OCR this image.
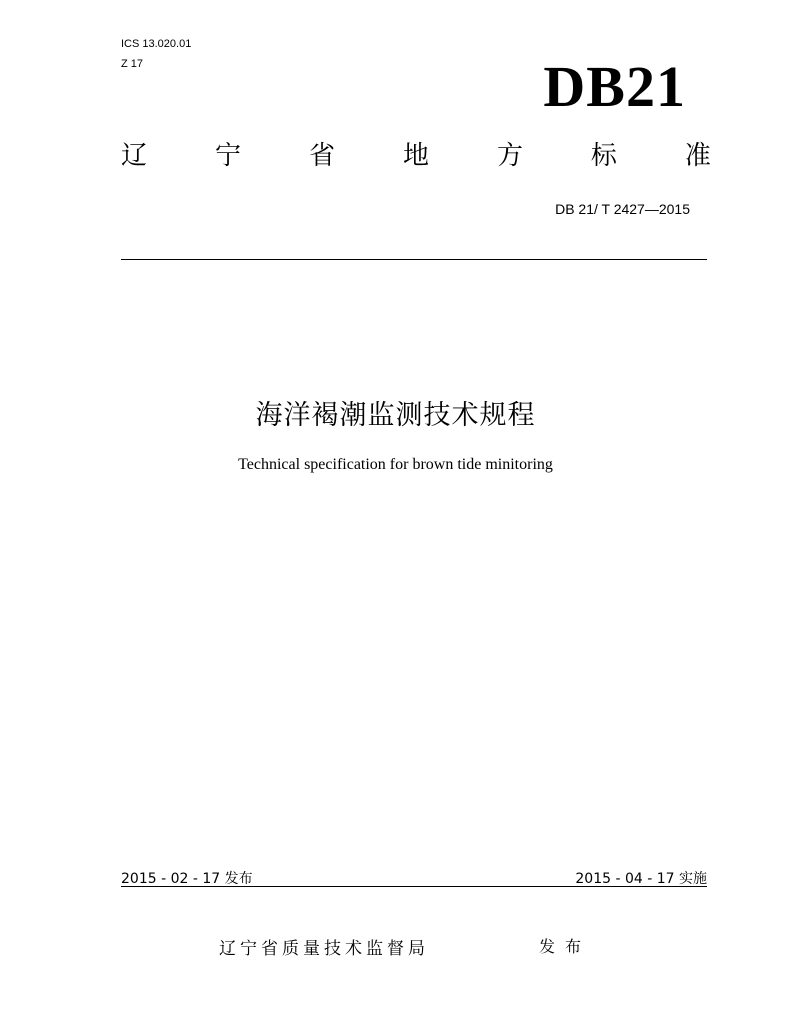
ICS 13.020.01
Z 17	DB21
辽	宁	省	地	方	标	准
DB 21/ T 2427—2015
海洋褐潮监测技术规程
Technical specification for brown tide minitoring
2015 - 02 - 17 发布	2015 - 04 - 17 实施
辽宁省质量技术监督局	发布
